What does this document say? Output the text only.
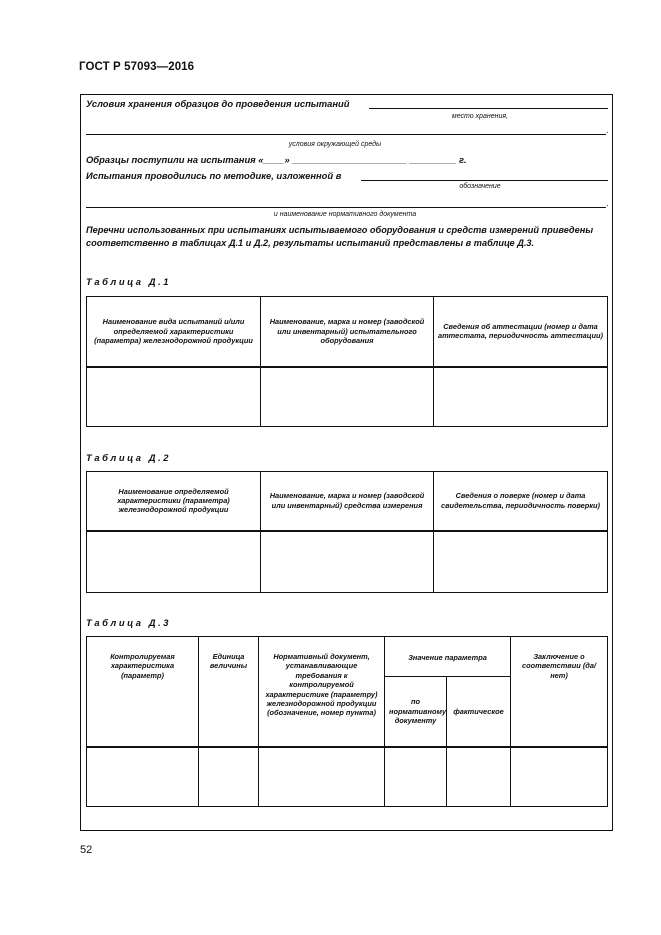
ГОСТ Р 57093—2016
Условия хранения образцов до проведения испытаний
место хранения,
.
условия окружающей среды
Образцы поступили на испытания «____» ______________________ _________ г.
Испытания проводились по методике, изложенной в
обозначение
.
и наименование нормативного документа
Перечни использованных при испытаниях испытываемого оборудования и средств измерений приведены соответственно в таблицах Д.1 и Д.2, результаты испытаний представлены в таблице Д.3.
Таблица Д.1
Наименование вида испытаний и/или определяемой характеристики (параметра) железнодорожной продукции	Наименование, марка и номер (заводской или инвентарный) испытательного оборудования	Сведения об аттестации (номер и дата аттестата, периодичность аттестации)

Таблица Д.2
Наименование определяемой характеристики (параметра) железнодорожной продукции	Наименование, марка и номер (заводской или инвентарный) средства измерения	Сведения о поверке (номер и дата свидетельства, периодичность поверки)

Таблица Д.3
Контролируемая характеристика (параметр)	Единица величины	Нормативный документ, устанавливающие требования к контролируемой характеристике (параметру) железнодорожной продукции (обозначение, номер пункта)	Значение параметра		Заключение о соответствии (да/нет)
			по нормативному документу	фактическое	

52
